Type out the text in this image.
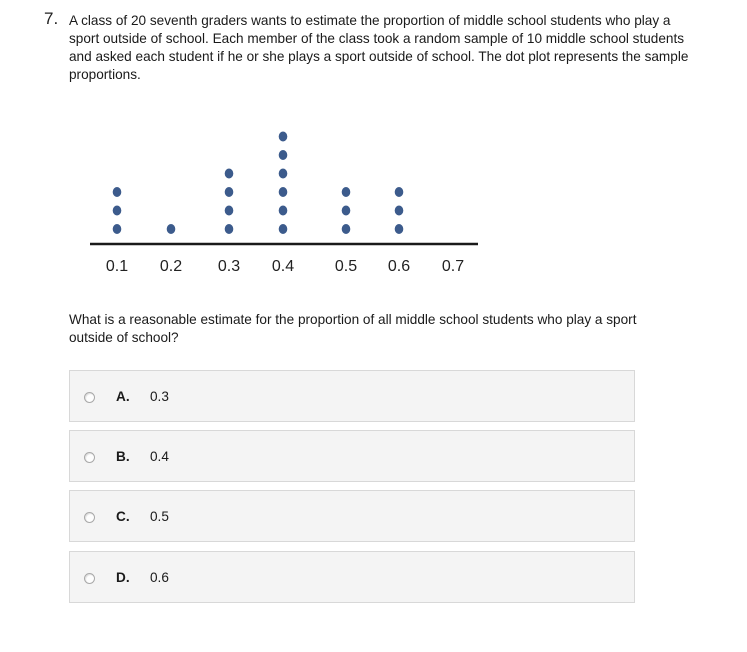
7. A class of 20 seventh graders wants to estimate the proportion of middle school students who play a sport outside of school. Each member of the class took a random sample of 10 middle school students and asked each student if he or she plays a sport outside of school. The dot plot represents the sample proportions.
0.1 0.2 0.3 0.4	0.5 0.6 0.7
What is a reasonable estimate for the proportion of all middle school students who play a sport outside of school?
A. 0.3
B. 0.4
C. 0.5
D. 0.6
